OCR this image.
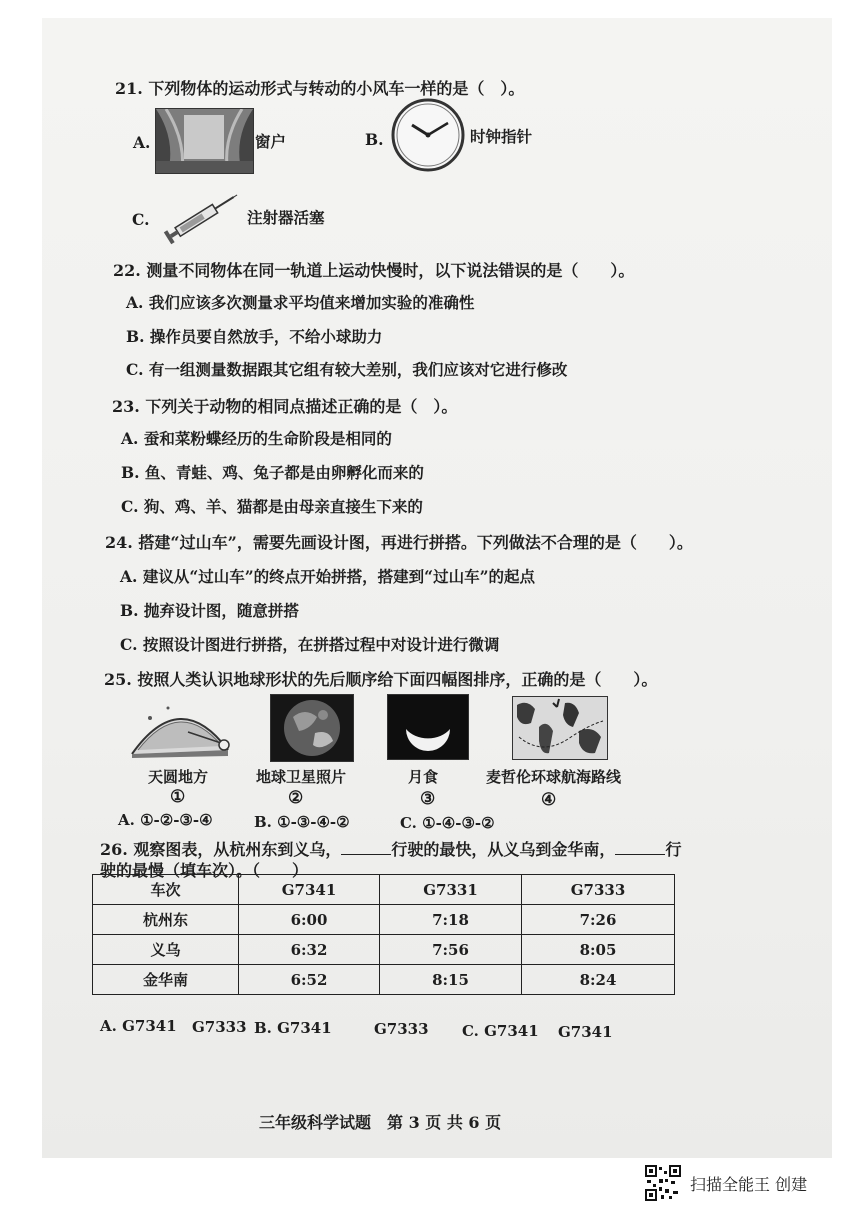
21. 下列物体的运动形式与转动的小风车一样的是（　）。
A.	窗户	B.	时钟指针
C.	注射器活塞
22. 测量不同物体在同一轨道上运动快慢时，以下说法错误的是（　　）。
A. 我们应该多次测量求平均值来增加实验的准确性
B. 操作员要自然放手，不给小球助力
C. 有一组测量数据跟其它组有较大差别，我们应该对它进行修改
23. 下列关于动物的相同点描述正确的是（　）。
A. 蚕和菜粉蝶经历的生命阶段是相同的
B. 鱼、青蛙、鸡、兔子都是由卵孵化而来的
C. 狗、鸡、羊、猫都是由母亲直接生下来的
24. 搭建“过山车”，需要先画设计图，再进行拼搭。下列做法不合理的是（　　）。
A. 建议从“过山车”的终点开始拼搭，搭建到“过山车”的起点
B. 抛弃设计图，随意拼搭
C. 按照设计图进行拼搭，在拼搭过程中对设计进行微调
25. 按照人类认识地球形状的先后顺序给下面四幅图排序，正确的是（　　）。
天圆地方	地球卫星照片	月食	麦哲伦环球航海路线
①	②	③	④
A. ①-②-③-④	B. ①-③-④-②	C. ①-④-③-②
26. 观察图表，从杭州东到义乌，	行驶的最快，从义乌到金华南，	行
驶的最慢（填车次）。（　　）
车次	G7341	G7331	G7333
杭州东	6:00	7:18	7:26
义乌	6:32	7:56	8:05
金华南	6:52	8:15	8:24
A. G7341 G7333 B. G7341	G7333 C. G7341 G7341
三年级科学试题　第 3 页 共 6 页
扫描全能王 创建
